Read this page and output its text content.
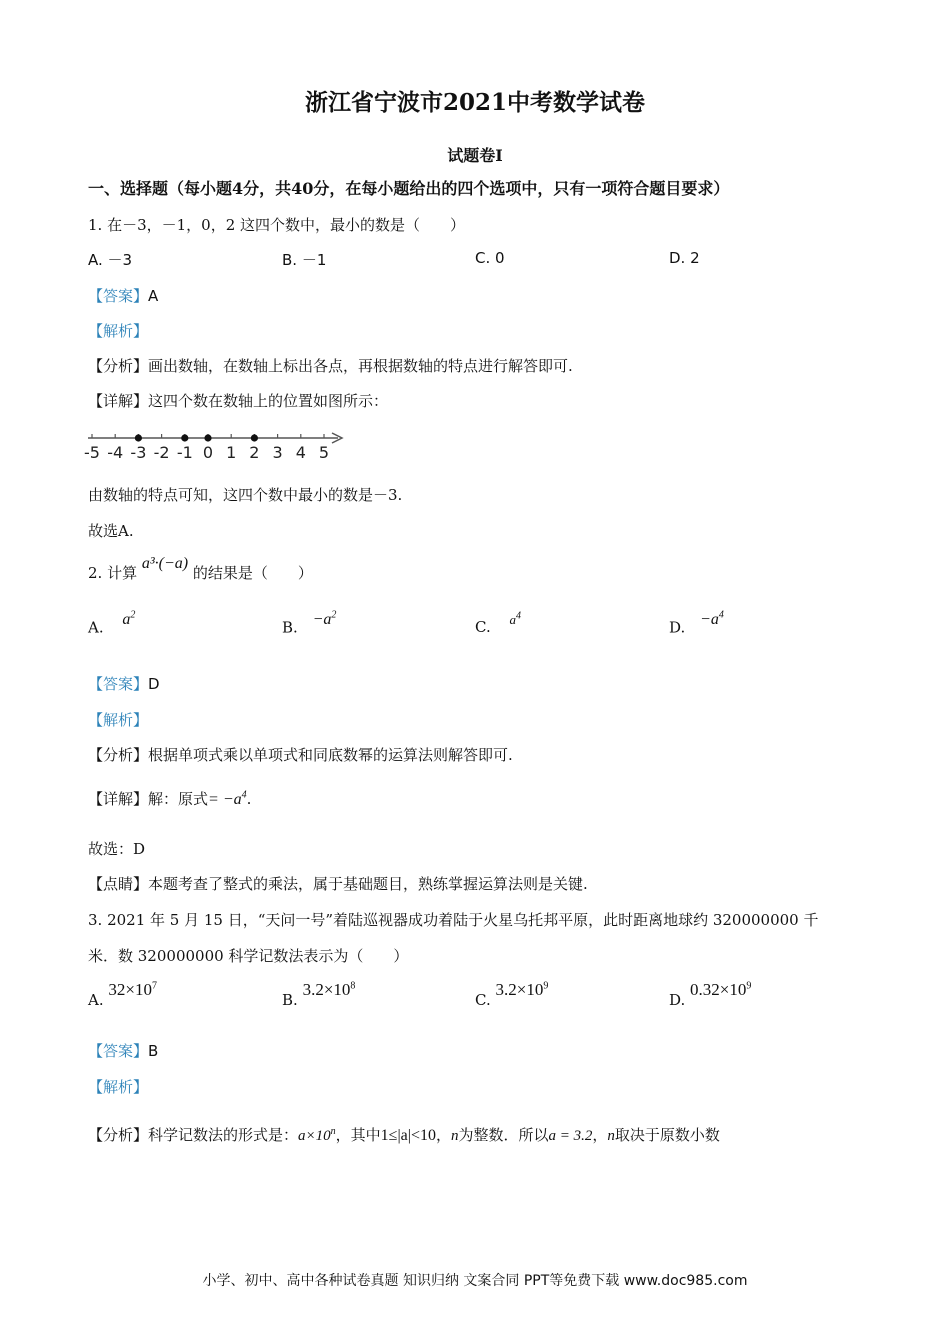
浙江省宁波市2021中考数学试卷
试题卷Ⅰ
一、选择题（每小题4分，共40分，在每小题给出的四个选项中，只有一项符合题目要求）
1. 在－3，－1，0，2 这四个数中，最小的数是（　　）
A. －3	B. －1	C. 0	D. 2
【答案】A
【解析】
【分析】画出数轴，在数轴上标出各点，再根据数轴的特点进行解答即可.
【详解】这四个数在数轴上的位置如图所示：
-5 -4 -3 -2 -1 0 1 2 3 4 5
由数轴的特点可知，这四个数中最小的数是－3.
故选A.
2. 计算 a³·(−a) 的结果是（　　）
A. $a^2$
B. $-a^2$
C. $a^4$
D. $-a^4$
【答案】D
【解析】
【分析】根据单项式乘以单项式和同底数幂的运算法则解答即可.
【详解】解：原式= $-a^4$.
故选：D
【点睛】本题考查了整式的乘法，属于基础题目，熟练掌握运算法则是关键.
3. 2021 年 5 月 15 日，“天问一号”着陆巡视器成功着陆于火星乌托邦平原，此时距离地球约 320000000 千
米．数 320000000 科学记数法表示为（　　）
A. $32\times 10^7$
B. $3.2\times 10^8$
C. $3.2\times 10^9$
D. $0.32\times 10^9$
【答案】B
【解析】
【分析】科学记数法的形式是：$a\times 10^n$，其中1≤|a|<10，n为整数．所以a = 3.2，n取决于原数小数
小学、初中、高中各种试卷真题 知识归纳 文案合同 PPT等免费下载 www.doc985.com
